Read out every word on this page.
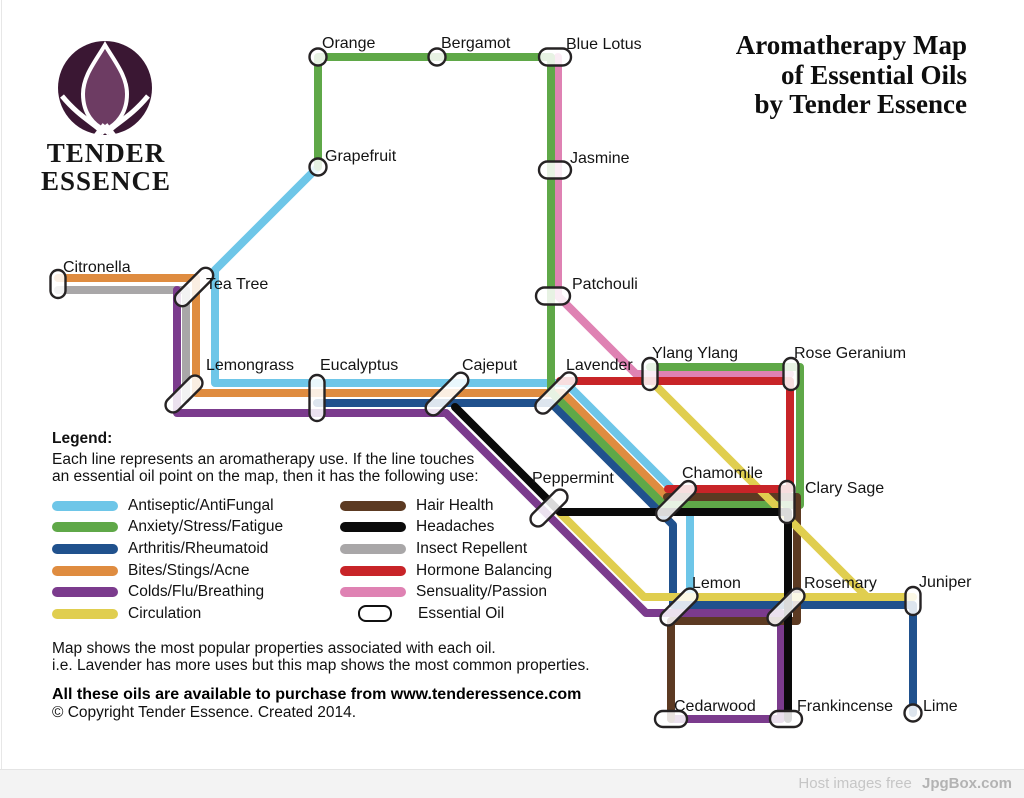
TENDER
ESSENCE
Aromatherapy Map
of Essential Oils
by Tender Essence
Orange	Bergamot	Blue Lotus
Grapefruit	Jasmine
Citronella
Tea Tree	Patchouli
Lemongrass Eucalyptus	Cajeput	Lavender
Ylang Ylang	Rose Geranium
Peppermint	Chamomile
Clary Sage
Lemon	Rosemary	Juniper
Cedarwood	Frankincense Lime
Legend:
Each line represents an aromatherapy use. If the line touches
an essential oil point on the map, then it has the following use:
Antiseptic/AntiFungal
Anxiety/Stress/Fatigue
Arthritis/Rheumatoid
Bites/Stings/Acne
Colds/Flu/Breathing
Circulation
Hair Health
Headaches
Insect Repellent
Hormone Balancing
Sensuality/Passion
Essential Oil
Map shows the most popular properties associated with each oil.
i.e. Lavender has more uses but this map shows the most common properties.
All these oils are available to purchase from www.tenderessence.com
© Copyright Tender Essence. Created 2014.
Host images free JpgBox.com
